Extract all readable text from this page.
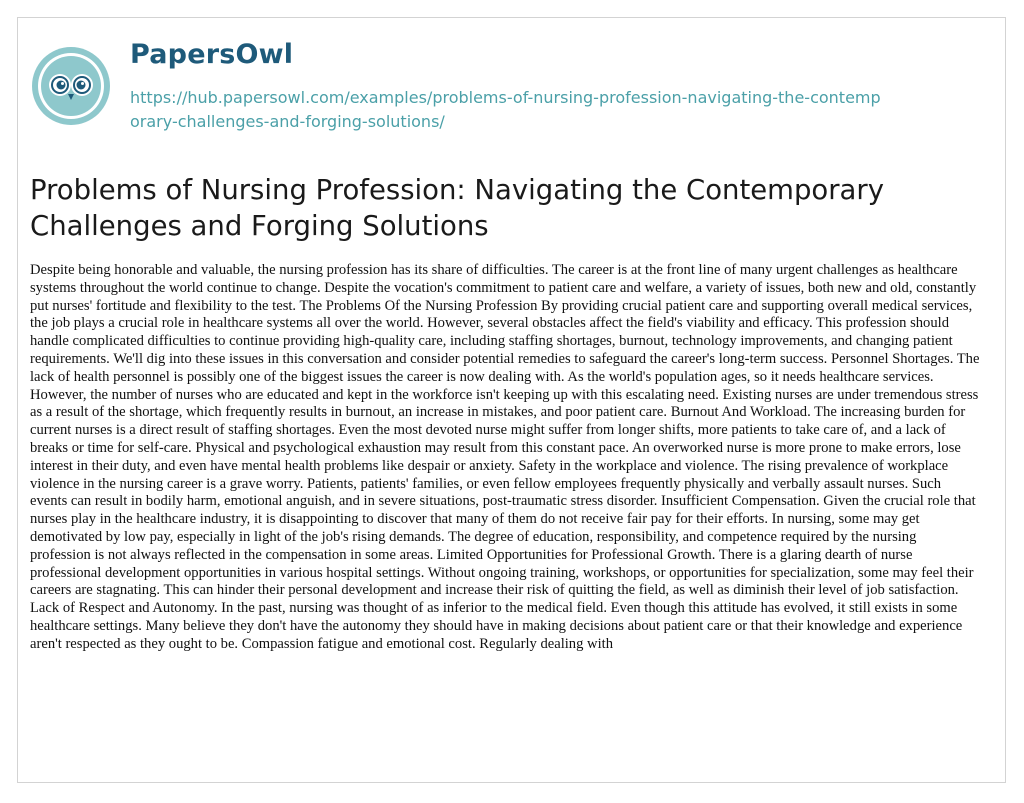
PapersOwl
https://hub.papersowl.com/examples/problems-of-nursing-profession-navigating-the-contemporary-challenges-and-forging-solutions/
Problems of Nursing Profession: Navigating the Contemporary Challenges and Forging Solutions

Despite being honorable and valuable, the nursing profession has its share of difficulties. The career is at the front line of many urgent challenges as healthcare systems throughout the world continue to change. Despite the vocation's commitment to patient care and welfare, a variety of issues, both new and old, constantly put nurses' fortitude and flexibility to the test. The Problems Of the Nursing Profession By providing crucial patient care and supporting overall medical services, the job plays a crucial role in healthcare systems all over the world. However, several obstacles affect the field's viability and efficacy. This profession should handle complicated difficulties to continue providing high-quality care, including staffing shortages, burnout, technology improvements, and changing patient requirements. We'll dig into these issues in this conversation and consider potential remedies to safeguard the career's long-term success. Personnel Shortages. The lack of health personnel is possibly one of the biggest issues the career is now dealing with. As the world's population ages, so it needs healthcare services. However, the number of nurses who are educated and kept in the workforce isn't keeping up with this escalating need. Existing nurses are under tremendous stress as a result of the shortage, which frequently results in burnout, an increase in mistakes, and poor patient care. Burnout And Workload. The increasing burden for current nurses is a direct result of staffing shortages. Even the most devoted nurse might suffer from longer shifts, more patients to take care of, and a lack of breaks or time for self-care. Physical and psychological exhaustion may result from this constant pace. An overworked nurse is more prone to make errors, lose interest in their duty, and even have mental health problems like despair or anxiety. Safety in the workplace and violence. The rising prevalence of workplace violence in the nursing career is a grave worry. Patients, patients' families, or even fellow employees frequently physically and verbally assault nurses. Such events can result in bodily harm, emotional anguish, and in severe situations, post-traumatic stress disorder. Insufficient Compensation. Given the crucial role that nurses play in the healthcare industry, it is disappointing to discover that many of them do not receive fair pay for their efforts. In nursing, some may get demotivated by low pay, especially in light of the job's rising demands. The degree of education, responsibility, and competence required by the nursing profession is not always reflected in the compensation in some areas. Limited Opportunities for Professional Growth. There is a glaring dearth of nurse professional development opportunities in various hospital settings. Without ongoing training, workshops, or opportunities for specialization, some may feel their careers are stagnating. This can hinder their personal development and increase their risk of quitting the field, as well as diminish their level of job satisfaction. Lack of Respect and Autonomy. In the past, nursing was thought of as inferior to the medical field. Even though this attitude has evolved, it still exists in some healthcare settings. Many believe they don't have the autonomy they should have in making decisions about patient care or that their knowledge and experience aren't respected as they ought to be. Compassion fatigue and emotional cost. Regularly dealing with
